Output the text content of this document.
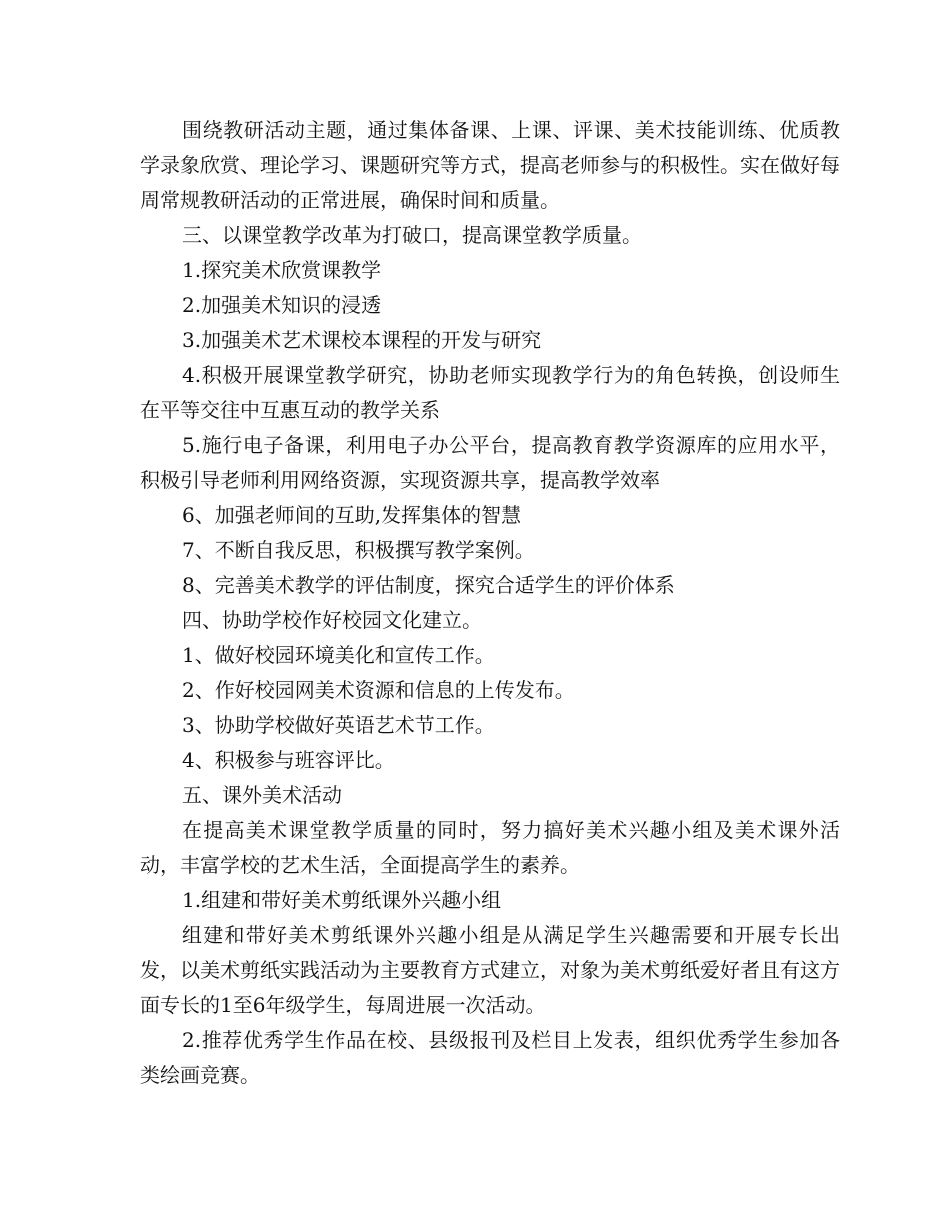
围绕教研活动主题，通过集体备课、上课、评课、美术技能训练、优质教学录象欣赏、理论学习、课题研究等方式，提高老师参与的积极性。实在做好每周常规教研活动的正常进展，确保时间和质量。

三、以课堂教学改革为打破口，提高课堂教学质量。

1.探究美术欣赏课教学

2.加强美术知识的浸透

3.加强美术艺术课校本课程的开发与研究

4.积极开展课堂教学研究，协助老师实现教学行为的角色转换，创设师生在平等交往中互惠互动的教学关系

5.施行电子备课，利用电子办公平台，提高教育教学资源库的应用水平，积极引导老师利用网络资源，实现资源共享，提高教学效率

6、加强老师间的互助,发挥集体的智慧

7、不断自我反思，积极撰写教学案例。

8、完善美术教学的评估制度，探究合适学生的评价体系

四、协助学校作好校园文化建立。

1、做好校园环境美化和宣传工作。

2、作好校园网美术资源和信息的上传发布。

3、协助学校做好英语艺术节工作。

4、积极参与班容评比。

五、课外美术活动

在提高美术课堂教学质量的同时，努力搞好美术兴趣小组及美术课外活动，丰富学校的艺术生活，全面提高学生的素养。

1.组建和带好美术剪纸课外兴趣小组

组建和带好美术剪纸课外兴趣小组是从满足学生兴趣需要和开展专长出发，以美术剪纸实践活动为主要教育方式建立，对象为美术剪纸爱好者且有这方面专长的1至6年级学生，每周进展一次活动。

2.推荐优秀学生作品在校、县级报刊及栏目上发表，组织优秀学生参加各类绘画竞赛。
